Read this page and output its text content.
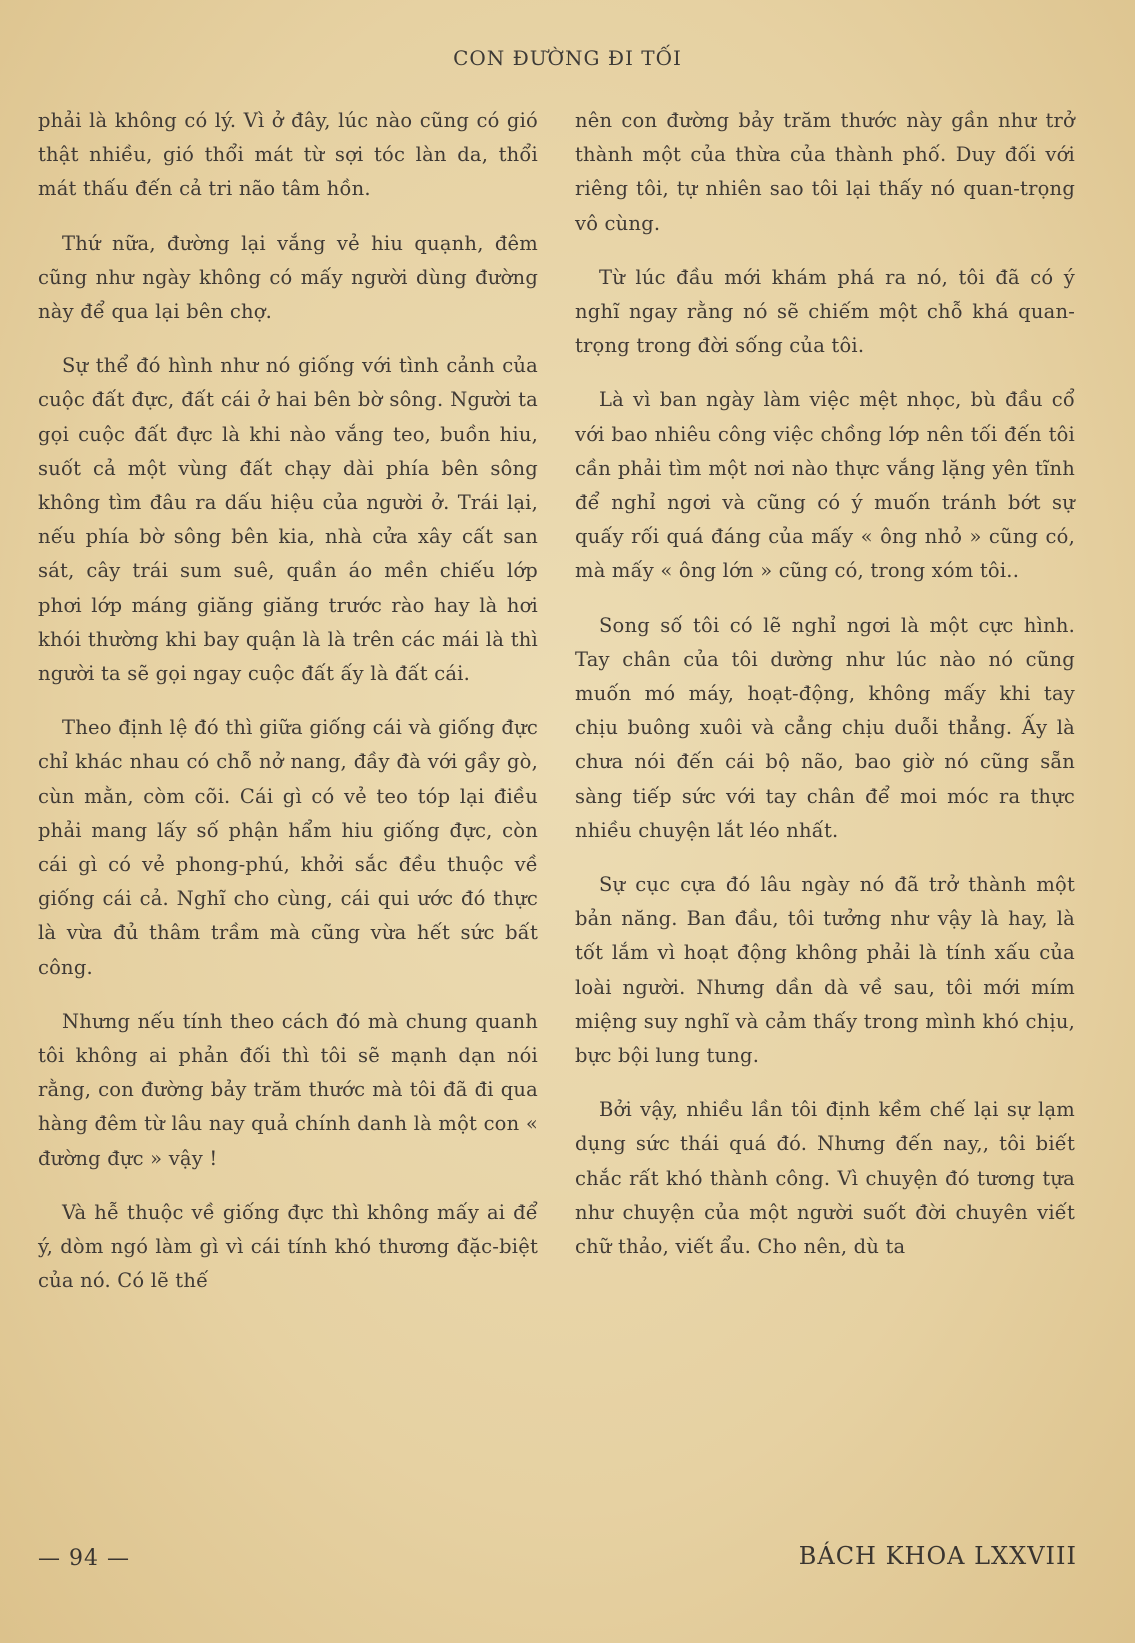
CON ĐƯỜNG ĐI TỐI

phải là không có lý. Vì ở đây, lúc nào cũng có gió thật nhiều, gió thổi mát từ sợi tóc làn da, thổi mát thấu đến cả tri não tâm hồn.

Thứ nữa, đường lại vắng vẻ hiu quạnh, đêm cũng như ngày không có mấy người dùng đường này để qua lại bên chợ.

Sự thể đó hình như nó giống với tình cảnh của cuộc đất đực, đất cái ở hai bên bờ sông. Người ta gọi cuộc đất đực là khi nào vắng teo, buồn hiu, suốt cả một vùng đất chạy dài phía bên sông không tìm đâu ra dấu hiệu của người ở. Trái lại, nếu phía bờ sông bên kia, nhà cửa xây cất san sát, cây trái sum suê, quần áo mền chiếu lớp phơi lớp máng giăng giăng trước rào hay là hơi khói thường khi bay quận là là trên các mái là thì người ta sẽ gọi ngay cuộc đất ấy là đất cái.

Theo định lệ đó thì giữa giống cái và giống đực chỉ khác nhau có chỗ nở nang, đầy đà với gầy gò, cùn mằn, còm cõi. Cái gì có vẻ teo tóp lại điều phải mang lấy số phận hẩm hiu giống đực, còn cái gì có vẻ phong-phú, khởi sắc đều thuộc về giống cái cả. Nghĩ cho cùng, cái qui ước đó thực là vừa đủ thâm trầm mà cũng vừa hết sức bất công.

Nhưng nếu tính theo cách đó mà chung quanh tôi không ai phản đối thì tôi sẽ mạnh dạn nói rằng, con đường bảy trăm thước mà tôi đã đi qua hàng đêm từ lâu nay quả chính danh là một con « đường đực » vậy !

Và hễ thuộc về giống đực thì không mấy ai để ý, dòm ngó làm gì vì cái tính khó thương đặc-biệt của nó. Có lẽ thế

nên con đường bảy trăm thước này gần như trở thành một của thừa của thành phố. Duy đối với riêng tôi, tự nhiên sao tôi lại thấy nó quan-trọng vô cùng.

Từ lúc đầu mới khám phá ra nó, tôi đã có ý nghĩ ngay rằng nó sẽ chiếm một chỗ khá quan-trọng trong đời sống của tôi.

Là vì ban ngày làm việc mệt nhọc, bù đầu cổ với bao nhiêu công việc chồng lớp nên tối đến tôi cần phải tìm một nơi nào thực vắng lặng yên tĩnh để nghỉ ngơi và cũng có ý muốn tránh bớt sự quấy rối quá đáng của mấy « ông nhỏ » cũng có, mà mấy « ông lớn » cũng có, trong xóm tôi..

Song số tôi có lẽ nghỉ ngơi là một cực hình. Tay chân của tôi dường như lúc nào nó cũng muốn mó máy, hoạt-động, không mấy khi tay chịu buông xuôi và cẳng chịu duỗi thẳng. Ấy là chưa nói đến cái bộ não, bao giờ nó cũng sẵn sàng tiếp sức với tay chân để moi móc ra thực nhiều chuyện lắt léo nhất.

Sự cục cựa đó lâu ngày nó đã trở thành một bản năng. Ban đầu, tôi tưởng như vậy là hay, là tốt lắm vì hoạt động không phải là tính xấu của loài người. Nhưng dần dà về sau, tôi mới mím miệng suy nghĩ và cảm thấy trong mình khó chịu, bực bội lung tung.

Bởi vậy, nhiều lần tôi định kềm chế lại sự lạm dụng sức thái quá đó. Nhưng đến nay,, tôi biết chắc rất khó thành công. Vì chuyện đó tương tựa như chuyện của một người suốt đời chuyên viết chữ thảo, viết ẩu. Cho nên, dù ta

— 94 —	BÁCH KHOA LXXVIII
